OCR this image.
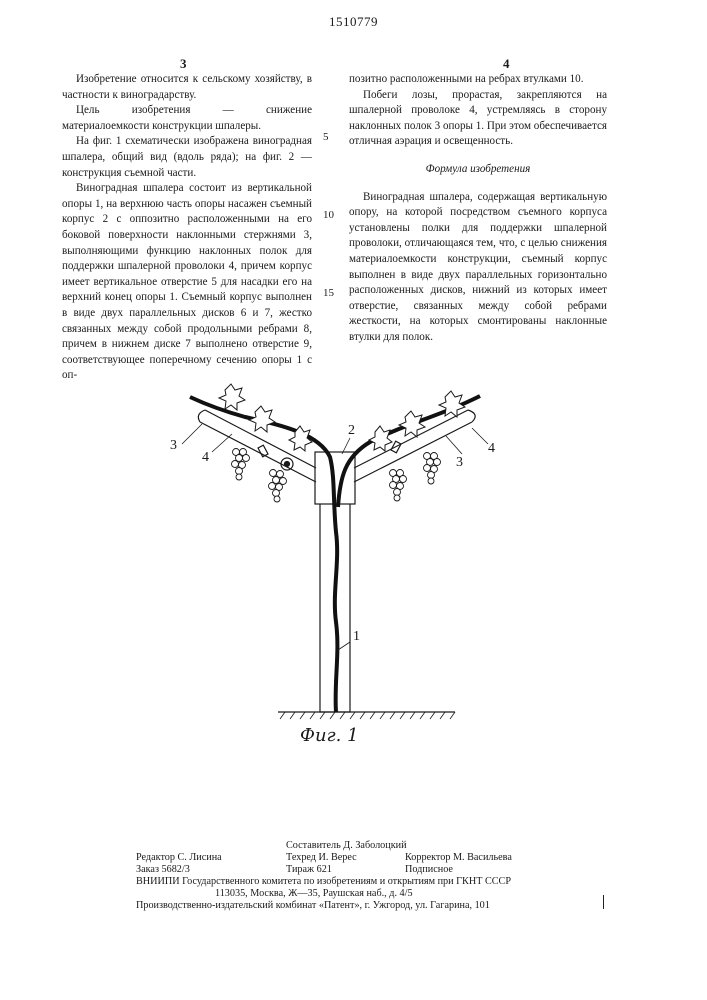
1510779
3	4

Изобретение относится к сельскому хозяйству, в частности к виноградарству.

Цель изобретения — снижение материалоемкости конструкции шпалеры.

На фиг. 1 схематически изображена виноградная шпалера, общий вид (вдоль ряда); на фиг. 2 — конструкция съемной части.

Виноградная шпалера состоит из вертикальной опоры 1, на верхнюю часть опоры насажен съемный корпус 2 с оппозитно расположенными на его боковой поверхности наклонными стержнями 3, выполняющими функцию наклонных полок для поддержки шпалерной проволоки 4, причем корпус имеет вертикальное отверстие 5 для насадки его на верхний конец опоры 1. Съемный корпус выполнен в виде двух параллельных дисков 6 и 7, жестко связанных между собой продольными ребрами 8, причем в нижнем диске 7 выполнено отверстие 9, соответствующее поперечному сечению опоры 1 с оп-

5
10
15

позитно расположенными на ребрах втулками 10.

Побеги лозы, прорастая, закрепляются на шпалерной проволоке 4, устремляясь в сторону наклонных полок 3 опоры 1. При этом обеспечивается отличная аэрация и освещенность.

Формула изобретения

Виноградная шпалера, содержащая вертикальную опору, на которой посредством съемного корпуса установлены полки для поддержки шпалерной проволоки, отличающаяся тем, что, с целью снижения материалоемкости конструкции, съемный корпус выполнен в виде двух параллельных горизонтально расположенных дисков, нижний из которых имеет отверстие, связанных между собой ребрами жесткости, на которых смонтированы наклонные втулки для полок.

3
4
2
1
4
3
Фиг. 1
Составитель Д. Заболоцкий
Редактор С. Лисина	Техред И. Верес	Корректор М. Васильева
Заказ 5682/3	Тираж 621	Подписное
ВНИИПИ Государственного комитета по изобретениям и открытиям при ГКНТ СССР
113035, Москва, Ж—35, Раушская наб., д. 4/5
Производственно-издательский комбинат «Патент», г. Ужгород, ул. Гагарина, 101
